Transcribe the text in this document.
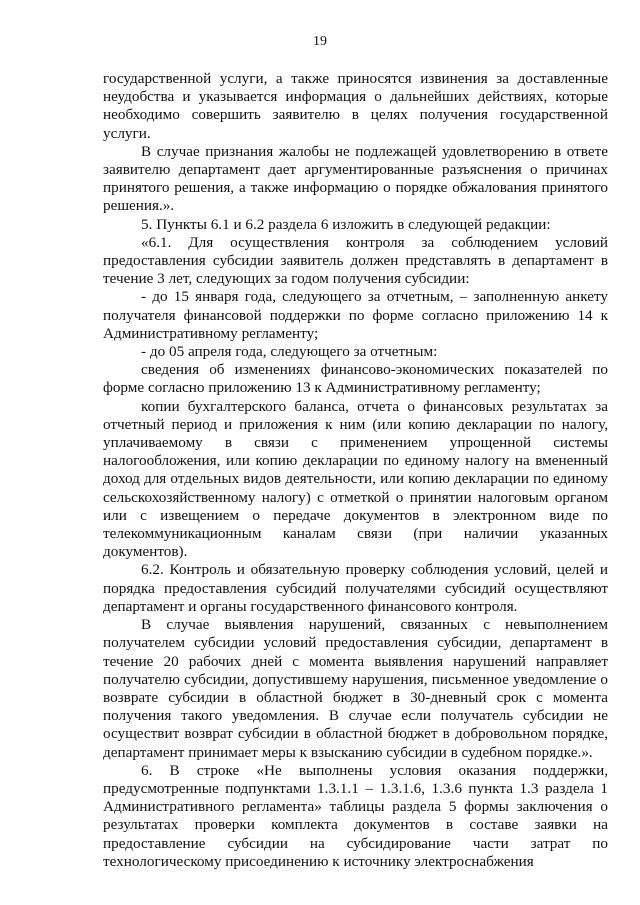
19

государственной услуги, а также приносятся извинения за доставленные неудобства и указывается информация о дальнейших действиях, которые необходимо совершить заявителю в целях получения государственной услуги.

В случае признания жалобы не подлежащей удовлетворению в ответе заявителю департамент дает аргументированные разъяснения о причинах принятого решения, а также информацию о порядке обжалования принятого решения.».

5. Пункты 6.1 и 6.2 раздела 6 изложить в следующей редакции:

«6.1. Для осуществления контроля за соблюдением условий предоставления субсидии заявитель должен представлять в департамент в течение 3 лет, следующих за годом получения субсидии:

- до 15 января года, следующего за отчетным, – заполненную анкету получателя финансовой поддержки по форме согласно приложению 14 к Административному регламенту;

- до 05 апреля года, следующего за отчетным:

сведения об изменениях финансово-экономических показателей по форме согласно приложению 13 к Административному регламенту;

копии бухгалтерского баланса, отчета о финансовых результатах за отчетный период и приложения к ним (или копию декларации по налогу, уплачиваемому в связи с применением упрощенной системы налогообложения, или копию декларации по единому налогу на вмененный доход для отдельных видов деятельности, или копию декларации по единому сельскохозяйственному налогу) с отметкой о принятии налоговым органом или с извещением о передаче документов в электронном виде по телекоммуникационным каналам связи (при наличии указанных документов).

6.2. Контроль и обязательную проверку соблюдения условий, целей и порядка предоставления субсидий получателями субсидий осуществляют департамент и органы государственного финансового контроля.

В случае выявления нарушений, связанных с невыполнением получателем субсидии условий предоставления субсидии, департамент в течение 20 рабочих дней с момента выявления нарушений направляет получателю субсидии, допустившему нарушения, письменное уведомление о возврате субсидии в областной бюджет в 30-дневный срок с момента получения такого уведомления. В случае если получатель субсидии не осуществит возврат субсидии в областной бюджет в добровольном порядке, департамент принимает меры к взысканию субсидии в судебном порядке.».

6. В строке «Не выполнены условия оказания поддержки, предусмотренные подпунктами 1.3.1.1 – 1.3.1.6, 1.3.6 пункта 1.3 раздела 1 Административного регламента» таблицы раздела 5 формы заключения о результатах проверки комплекта документов в составе заявки на предоставление субсидии на субсидирование части затрат по технологическому присоединению к источнику электроснабжения
